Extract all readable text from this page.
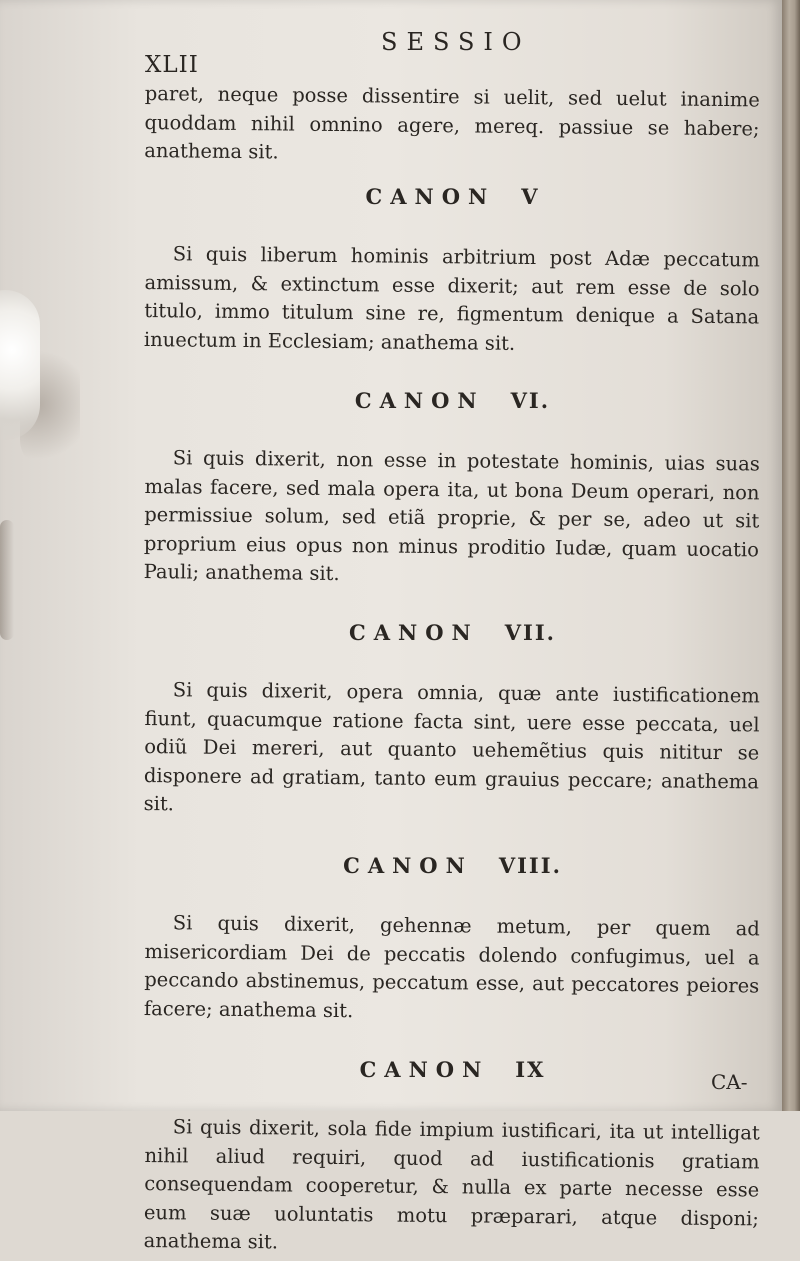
XLII
SESSIO

paret, neque posse dissentire si uelit, sed uelut inanime quoddam nihil omnino agere, mereq. passiue se habere; anathema sit.

CANON V

Si quis liberum hominis arbitrium post Adæ peccatum amissum, & extinctum esse dixerit; aut rem esse de solo titulo, immo titulum sine re, figmentum denique a Satana inuectum in Ecclesiam; anathema sit.

CANON VI.

Si quis dixerit, non esse in potestate hominis, uias suas malas facere, sed mala opera ita, ut bona Deum operari, non permissiue solum, sed etiã proprie, & per se, adeo ut sit proprium eius opus non minus proditio Iudæ, quam uocatio Pauli; anathema sit.

CANON VII.

Si quis dixerit, opera omnia, quæ ante iustificationem fiunt, quacumque ratione facta sint, uere esse peccata, uel odiũ Dei mereri, aut quanto uehemẽtius quis nititur se disponere ad gratiam, tanto eum grauius peccare; anathema sit.

CANON VIII.

Si quis dixerit, gehennæ metum, per quem ad misericordiam Dei de peccatis dolendo confugimus, uel a peccando abstinemus, peccatum esse, aut peccatores peiores facere; anathema sit.

CANON IX

Si quis dixerit, sola fide impium iustificari, ita ut intelligat nihil aliud requiri, quod ad iustificationis gratiam consequendam cooperetur, & nulla ex parte necesse esse eum suæ uoluntatis motu præparari, atque disponi; anathema sit.

CA-
